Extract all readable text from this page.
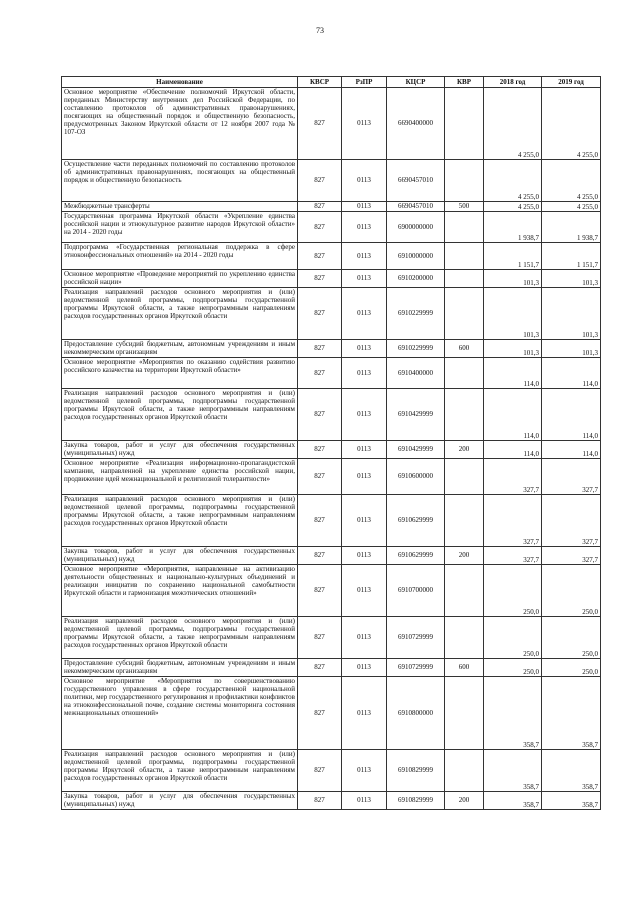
73
Наименование	КВСР	РзПР	КЦСР	КВР	2018 год	2019 год
Основное мероприятие «Обеспечение полномочий Иркутской области, переданных Министерству внутренних дел Российской Федерации, по составлению протоколов об административных правонарушениях, посягающих на общественный порядок и общественную безопасность, предусмотренных Законом Иркутской области от 12 ноября 2007 года № 107-ОЗ	827	0113	6690400000		4 255,0	4 255,0
Осуществление части переданных полномочий по составлению протоколов об административных правонарушениях, посягающих на общественный порядок и общественную безопасность	827	0113	6690457010		4 255,0	4 255,0
Межбюджетные трансферты	827	0113	6690457010	500	4 255,0	4 255,0
Государственная программа Иркутской области «Укрепление единства российской нации и этнокультурное развитие народов Иркутской области» на 2014 - 2020 годы	827	0113	6900000000		1 938,7	1 938,7
Подпрограмма «Государственная региональная поддержка в сфере этноконфессиональных отношений» на 2014 - 2020 годы	827	0113	6910000000		1 151,7	1 151,7
Основное мероприятие «Проведение мероприятий по укреплению единства российской нации»	827	0113	6910200000		101,3	101,3
Реализация направлений расходов основного мероприятия и (или) ведомственной целевой программы, подпрограммы государственной программы Иркутской области, а также непрограммным направлениям расходов государственных органов Иркутской области	827	0113	6910229999		101,3	101,3
Предоставление субсидий бюджетным, автономным учреждениям и иным некоммерческим организациям	827	0113	6910229999	600	101,3	101,3
Основное мероприятие «Мероприятия по оказанию содействия развитию российского казачества на территории Иркутской области»	827	0113	6910400000		114,0	114,0
Реализация направлений расходов основного мероприятия и (или) ведомственной целевой программы, подпрограммы государственной программы Иркутской области, а также непрограммным направлениям расходов государственных органов Иркутской области	827	0113	6910429999		114,0	114,0
Закупка товаров, работ и услуг для обеспечения государственных (муниципальных) нужд	827	0113	6910429999	200	114,0	114,0
Основное мероприятие «Реализация информационно-пропагандистской кампании, направленной на укрепление единства российской нации, продвижение идей межнациональной и религиозной толерантности»	827	0113	6910600000		327,7	327,7
Реализация направлений расходов основного мероприятия и (или) ведомственной целевой программы, подпрограммы государственной программы Иркутской области, а также непрограммным направлениям расходов государственных органов Иркутской области	827	0113	6910629999		327,7	327,7
Закупка товаров, работ и услуг для обеспечения государственных (муниципальных) нужд	827	0113	6910629999	200	327,7	327,7
Основное мероприятие «Мероприятия, направленные на активизацию деятельности общественных и национально-культурных объединений и реализации инициатив по сохранению национальной самобытности Иркутской области и гармонизация межэтнических отношений»	827	0113	6910700000		250,0	250,0
Реализация направлений расходов основного мероприятия и (или) ведомственной целевой программы, подпрограммы государственной программы Иркутской области, а также непрограммным направлениям расходов государственных органов Иркутской области	827	0113	6910729999		250,0	250,0
Предоставление субсидий бюджетным, автономным учреждениям и иным некоммерческим организациям	827	0113	6910729999	600	250,0	250,0
Основное мероприятие «Мероприятия по совершенствованию государственного управления в сфере государственной национальной политики, мер государственного регулирования и профилактики конфликтов на этноконфессиональной почве, создание системы мониторинга состояния межнациональных отношений»	827	0113	6910800000		358,7	358,7
Реализация направлений расходов основного мероприятия и (или) ведомственной целевой программы, подпрограммы государственной программы Иркутской области, а также непрограммным направлениям расходов государственных органов Иркутской области	827	0113	6910829999		358,7	358,7
Закупка товаров, работ и услуг для обеспечения государственных (муниципальных) нужд	827	0113	6910829999	200	358,7	358,7
